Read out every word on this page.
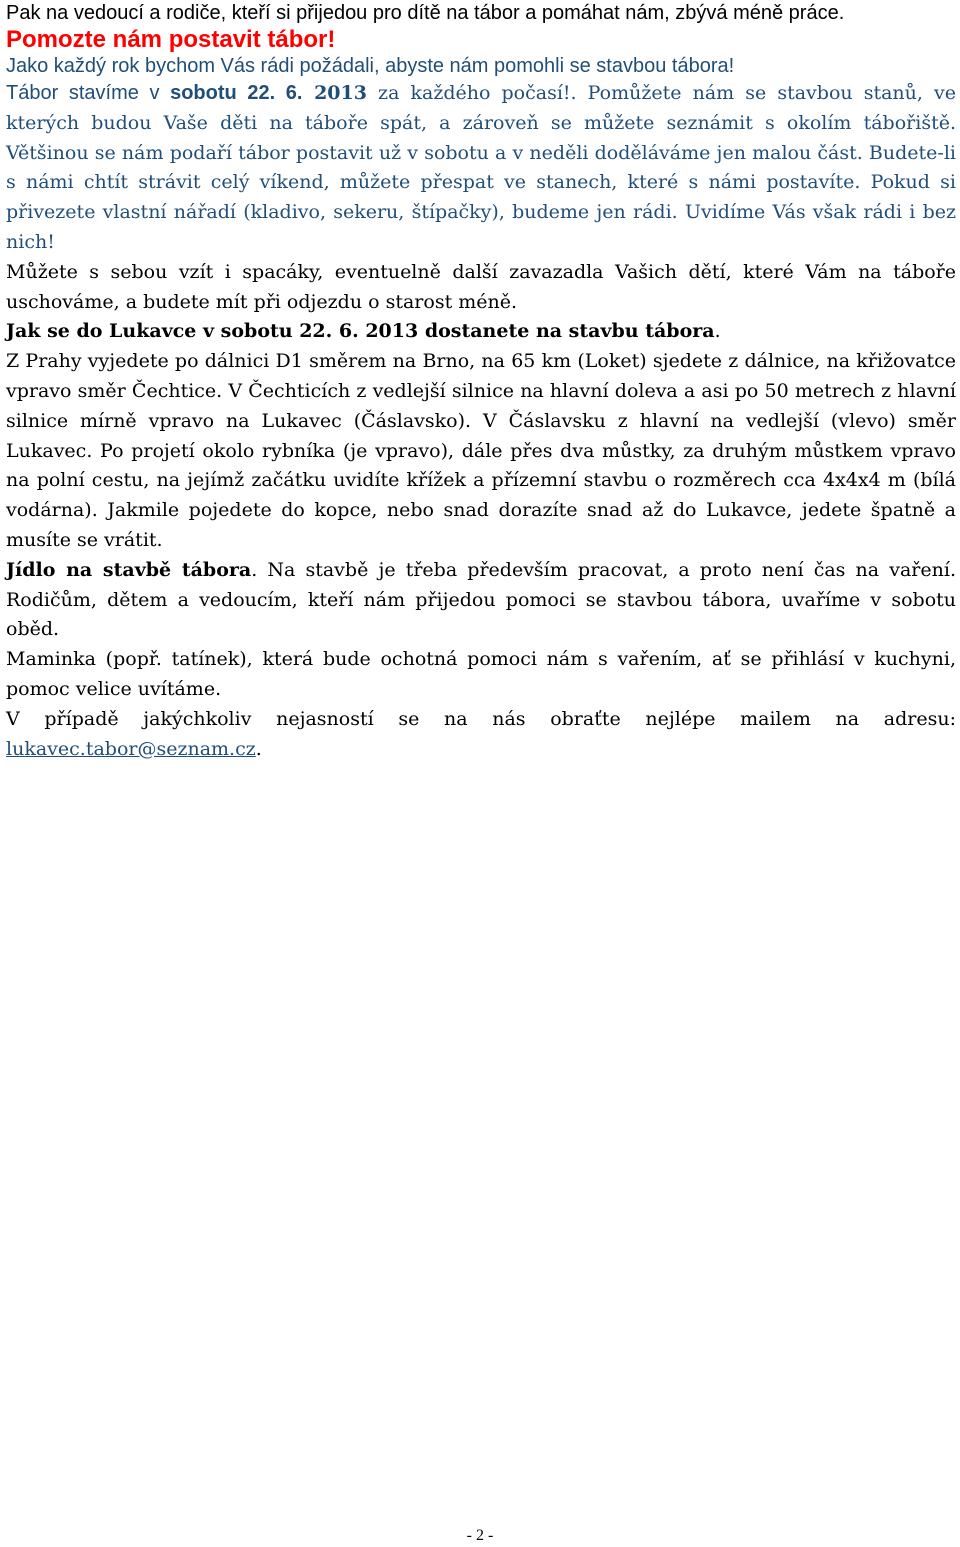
Pak na vedoucí a rodiče, kteří si přijedou pro dítě na tábor a pomáhat nám, zbývá méně práce.

Pomozte nám postavit tábor!

Jako každý rok bychom Vás rádi požádali, abyste nám pomohli se stavbou tábora!

Tábor stavíme v sobotu 22. 6. 2013 za každého počasí!. Pomůžete nám se stavbou stanů, ve kterých budou Vaše děti na táboře spát, a zároveň se můžete seznámit s okolím tábořiště. Většinou se nám podaří tábor postavit už v sobotu a v neděli doděláváme jen malou část. Budete-li s námi chtít strávit celý víkend, můžete přespat ve stanech, které s námi postavíte. Pokud si přivezete vlastní nářadí (kladivo, sekeru, štípačky), budeme jen rádi. Uvidíme Vás však rádi i bez nich!

Můžete s sebou vzít i spacáky, eventuelně další zavazadla Vašich dětí, které Vám na táboře uschováme, a budete mít při odjezdu o starost méně.

Jak se do Lukavce v sobotu 22. 6. 2013 dostanete na stavbu tábora.

Z Prahy vyjedete po dálnici D1 směrem na Brno, na 65 km (Loket) sjedete z dálnice, na křižovatce vpravo směr Čechtice. V Čechticích z vedlejší silnice na hlavní doleva a asi po 50 metrech z hlavní silnice mírně vpravo na Lukavec (Čáslavsko). V Čáslavsku z hlavní na vedlejší (vlevo) směr Lukavec. Po projetí okolo rybníka (je vpravo), dále přes dva můstky, za druhým můstkem vpravo na polní cestu, na jejímž začátku uvidíte křížek a přízemní stavbu o rozměrech cca 4x4x4 m (bílá vodárna). Jakmile pojedete do kopce, nebo snad dorazíte snad až do Lukavce, jedete špatně a musíte se vrátit.

Jídlo na stavbě tábora. Na stavbě je třeba především pracovat, a proto není čas na vaření. Rodičům, dětem a vedoucím, kteří nám přijedou pomoci se stavbou tábora, uvaříme v sobotu oběd.

Maminka (popř. tatínek), která bude ochotná pomoci nám s vařením, ať se přihlásí v kuchyni, pomoc velice uvítáme.

V případě jakýchkoliv nejasností se na nás obraťte nejlépe mailem na adresu: lukavec.tabor@seznam.cz.

- 2 -
